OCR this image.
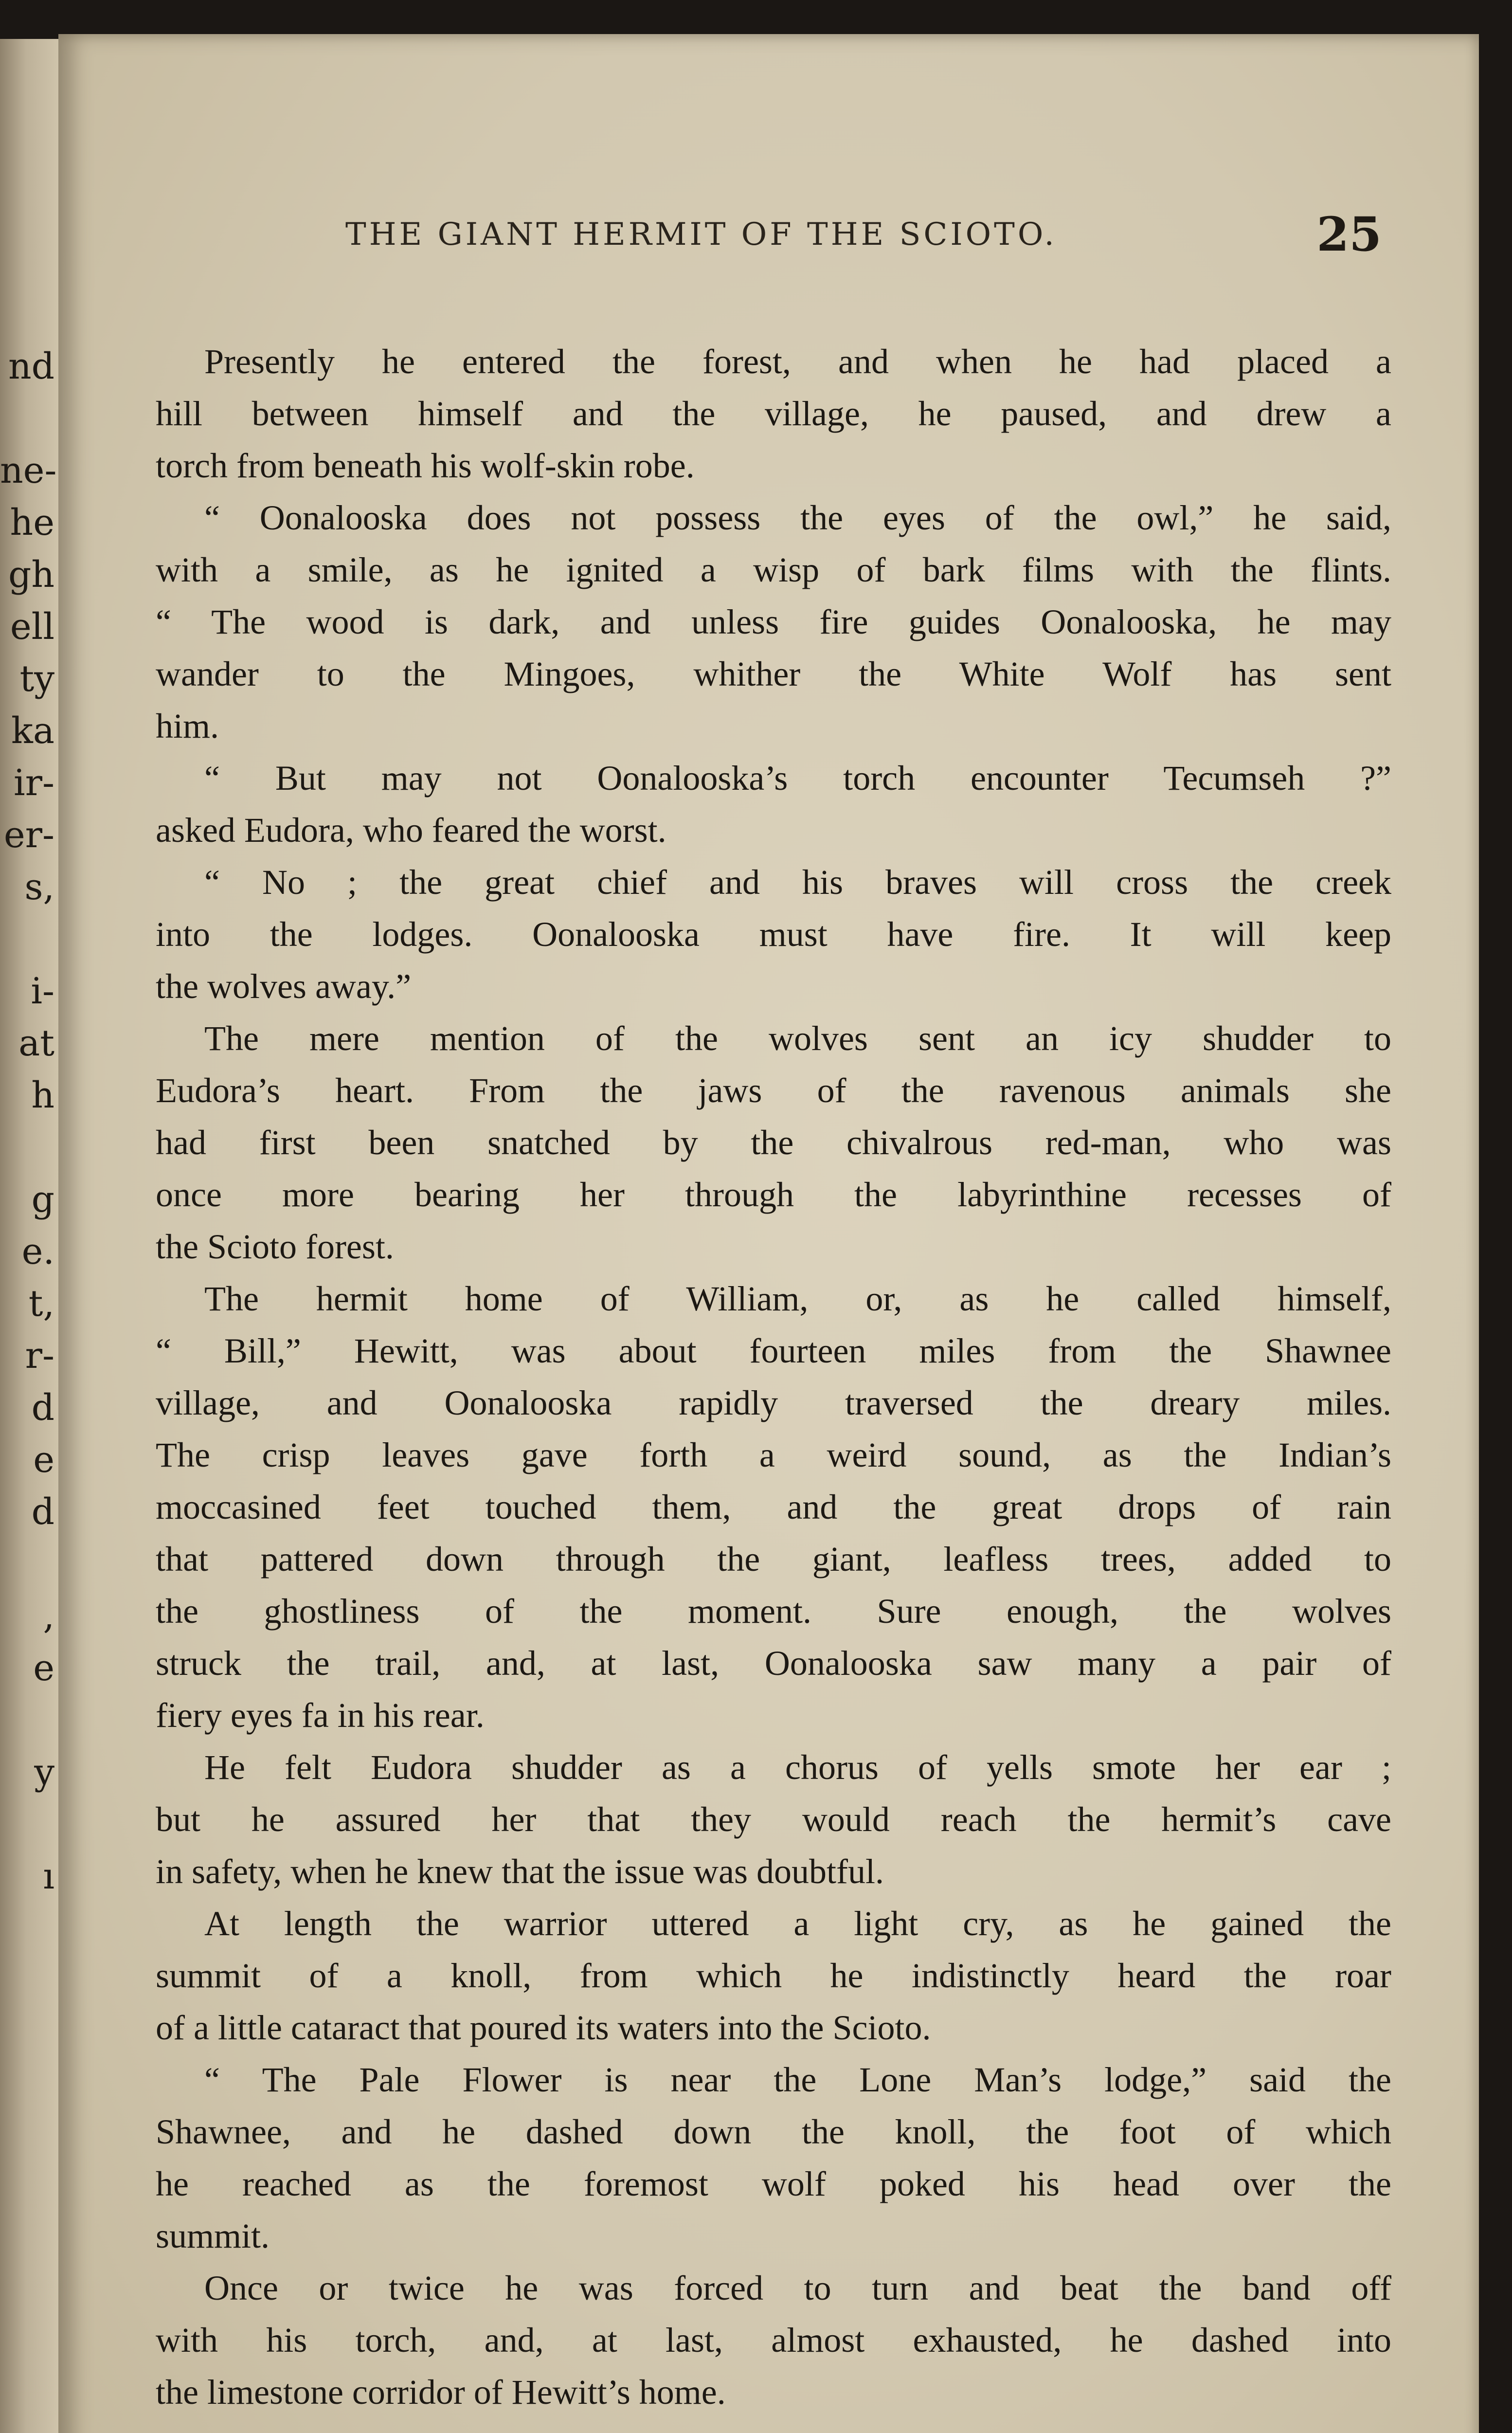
nd
ne-
he
gh
ell
ty
ka
ir-
er-
s,
i-
at
h
g
e.
t,
r-
d
e
d
,
e
y
ı
THE GIANT HERMIT OF THE SCIOTO.	25
Presently he entered the forest, and when he had placed a
hill between himself and the village, he paused, and drew a
torch from beneath his wolf-skin robe.
“ Oonalooska does not possess the eyes of the owl,” he said,
with a smile, as he ignited a wisp of bark films with the flints.
“ The wood is dark, and unless fire guides Oonalooska, he may
wander to the Mingoes, whither the White Wolf has sent
him.
“ But may not Oonalooska’s torch encounter Tecumseh ?”
asked Eudora, who feared the worst.
“ No ; the great chief and his braves will cross the creek
into the lodges. Oonalooska must have fire. It will keep
the wolves away.”
The mere mention of the wolves sent an icy shudder to
Eudora’s heart. From the jaws of the ravenous animals she
had first been snatched by the chivalrous red-man, who was
once more bearing her through the labyrinthine recesses of
the Scioto forest.
The hermit home of William, or, as he called himself,
“ Bill,” Hewitt, was about fourteen miles from the Shawnee
village, and Oonalooska rapidly traversed the dreary miles.
The crisp leaves gave forth a weird sound, as the Indian’s
moccasined feet touched them, and the great drops of rain
that pattered down through the giant, leafless trees, added to
the ghostliness of the moment. Sure enough, the wolves
struck the trail, and, at last, Oonalooska saw many a pair of
fiery eyes fa in his rear.
He felt Eudora shudder as a chorus of yells smote her ear ;
but he assured her that they would reach the hermit’s cave
in safety, when he knew that the issue was doubtful.
At length the warrior uttered a light cry, as he gained the
summit of a knoll, from which he indistinctly heard the roar
of a little cataract that poured its waters into the Scioto.
“ The Pale Flower is near the Lone Man’s lodge,” said the
Shawnee, and he dashed down the knoll, the foot of which
he reached as the foremost wolf poked his head over the
summit.
Once or twice he was forced to turn and beat the band off
with his torch, and, at last, almost exhausted, he dashed into
the limestone corridor of Hewitt’s home.
